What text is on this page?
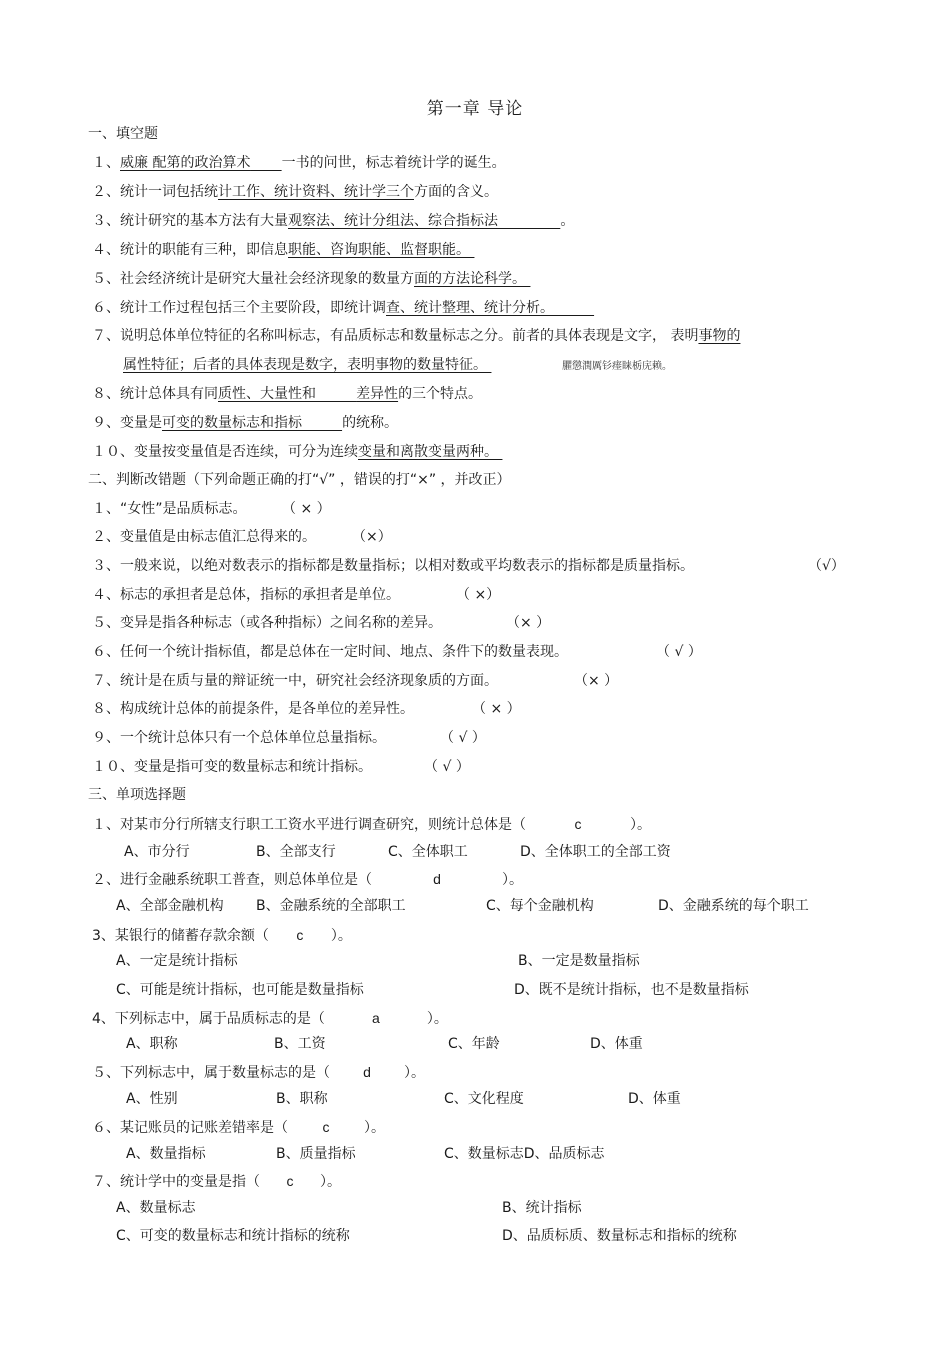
第一章 导论
一、填空题
１、威廉 配第的政治算术 一书的问世，标志着统计学的诞生。
２、统计一词包括统计工作、统计资料、统计学三个方面的含义。
３、统计研究的基本方法有大量观察法、统计分组法、综合指标法	。
４、统计的职能有三种，即信息职能、咨询职能、监督职能。
５、社会经济统计是研究大量社会经济现象的数量方面的方法论科学。
６、统计工作过程包括三个主要阶段，即统计调查、统计整理、统计分析。
７、说明总体单位特征的名称叫标志，有品质标志和数量标志之分。前者的具体表现是文字， 表明事物的
属性特征；后者的具体表现是数字，表明事物的数量特征。	臞懲潤厲钐瘗睐栃庑赖。
８、统计总体具有同质性、大量性和	差异性的三个特点。
９、变量是可变的数量标志和指标	的统称。
１０、变量按变量值是否连续，可分为连续变量和离散变量两种。
二、判断改错题（下列命题正确的打“√” ，错误的打“×” ，并改正）
１、“女性”是品质标志。	（ × ）
２、变量值是由标志值汇总得来的。	（×）
３、一般来说，以绝对数表示的指标都是数量指标；以相对数或平均数表示的指标都是质量指标。	（√）
４、标志的承担者是总体，指标的承担者是单位。	（ ×）
５、变异是指各种标志（或各种指标）之间名称的差异。	（× ）
６、任何一个统计指标值，都是总体在一定时间、地点、条件下的数量表现。	（ √ ）
７、统计是在质与量的辩证统一中，研究社会经济现象质的方面。	（× ）
８、构成统计总体的前提条件，是各单位的差异性。	（ × ）
９、一个统计总体只有一个总体单位总量指标。	（ √ ）
１０、变量是指可变的数量标志和统计指标。	（ √ ）
三、单项选择题
１、对某市分行所辖支行职工工资水平进行调查研究，则统计总体是（	c	）。
A、市分行	B、全部支行	C、全体职工	D、全体职工的全部工资
２、进行金融系统职工普查，则总体单位是（	d	）。
A、全部金融机构 B、金融系统的全部职工	C、每个金融机构	D、金融系统的每个职工
3、某银行的储蓄存款余额（ c ）。
A、一定是统计指标	B、一定是数量指标
C、可能是统计指标，也可能是数量指标	D、既不是统计指标，也不是数量指标
4、下列标志中，属于品质标志的是（	a	）。
A、职称	B、工资	C、年龄	D、体重
５、下列标志中，属于数量标志的是（ d ）。
A、性别	B、职称	C、文化程度	D、体重
６、某记账员的记账差错率是（ c ）。
A、数量指标	B、质量指标	C、数量标志D、品质标志
７、统计学中的变量是指（ c ）。
A、数量标志	B、统计指标
C、可变的数量标志和统计指标的统称	D、品质标质、数量标志和指标的统称
